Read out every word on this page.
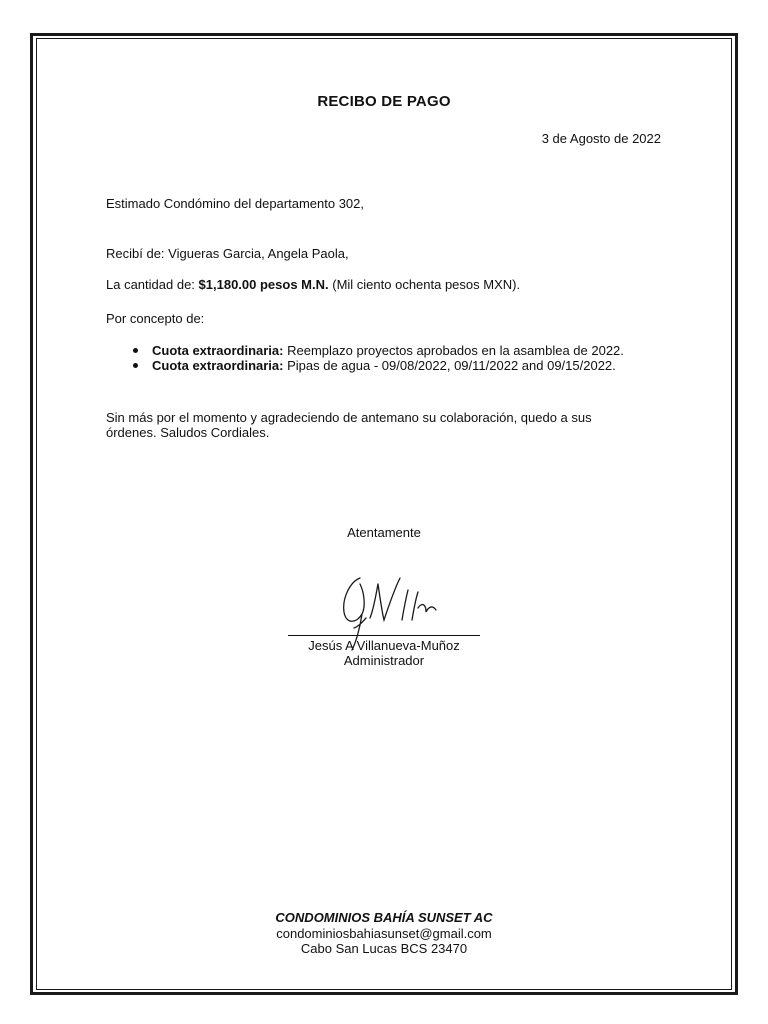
RECIBO DE PAGO
3 de Agosto de 2022
Estimado Condómino del departamento 302,
Recibí de: Vigueras Garcia, Angela Paola,
La cantidad de: $1,180.00 pesos M.N. (Mil ciento ochenta pesos MXN).
Por concepto de:
Cuota extraordinaria: Reemplazo proyectos aprobados en la asamblea de 2022.
Cuota extraordinaria: Pipas de agua - 09/08/2022, 09/11/2022 and 09/15/2022.
Sin más por el momento y agradeciendo de antemano su colaboración, quedo a sus
órdenes. Saludos Cordiales.
Atentamente
Jesús A Villanueva-Muñoz
Administrador
CONDOMINIOS BAHÍA SUNSET AC
condominiosbahiasunset@gmail.com
Cabo San Lucas BCS 23470
